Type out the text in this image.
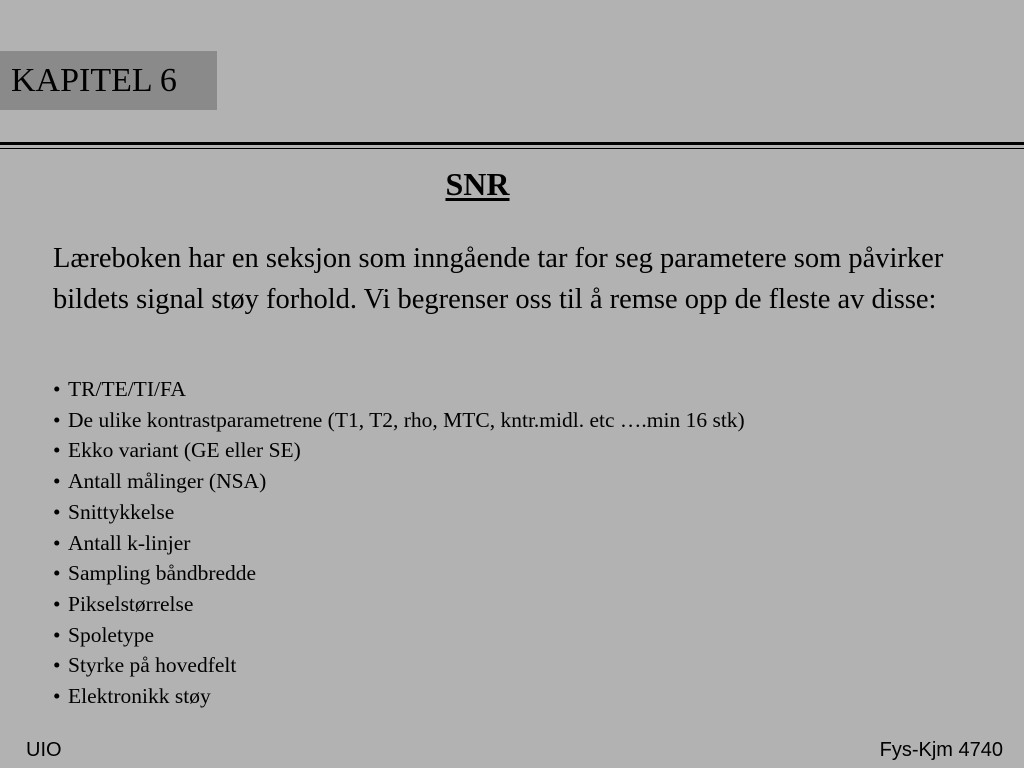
KAPITEL 6
SNR

Læreboken har en seksjon som inngående tar for seg parametere som påvirker bildets signal støy forhold. Vi begrenser oss til å remse opp de fleste av disse:

• TR/TE/TI/FA
• De ulike kontrastparametrene (T1, T2, rho, MTC, kntr.midl. etc ….min 16 stk)
• Ekko variant (GE eller SE)
• Antall målinger (NSA)
• Snittykkelse
• Antall k-linjer
• Sampling båndbredde
• Pikselstørrelse
• Spoletype
• Styrke på hovedfelt
• Elektronikk støy
UIO	Fys-Kjm 4740
